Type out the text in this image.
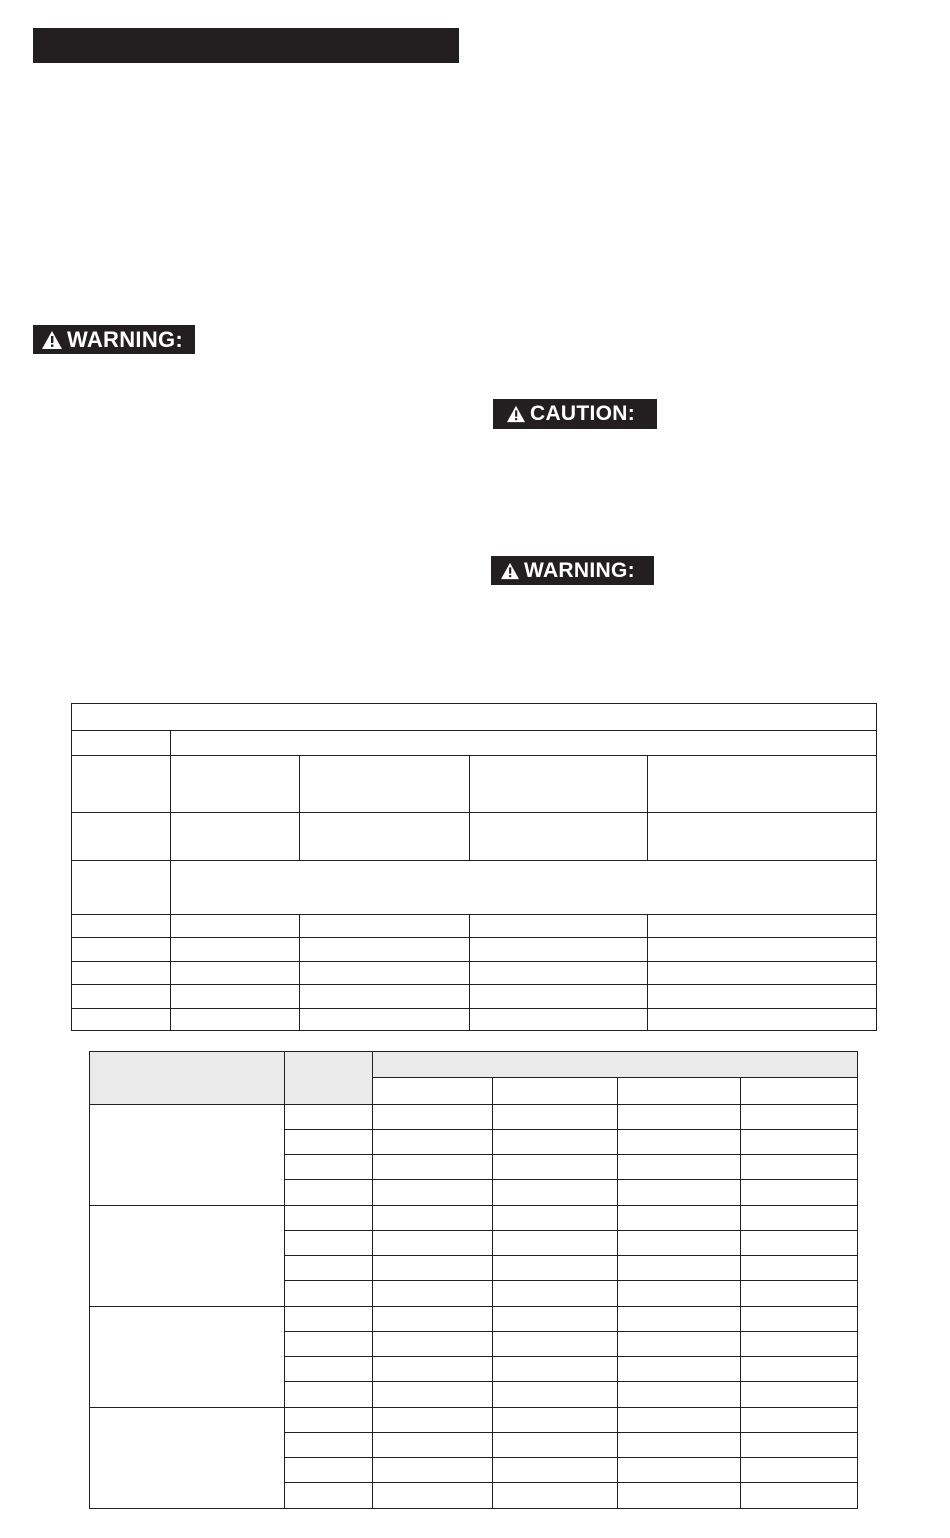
WARNING:
CAUTION:
WARNING:
